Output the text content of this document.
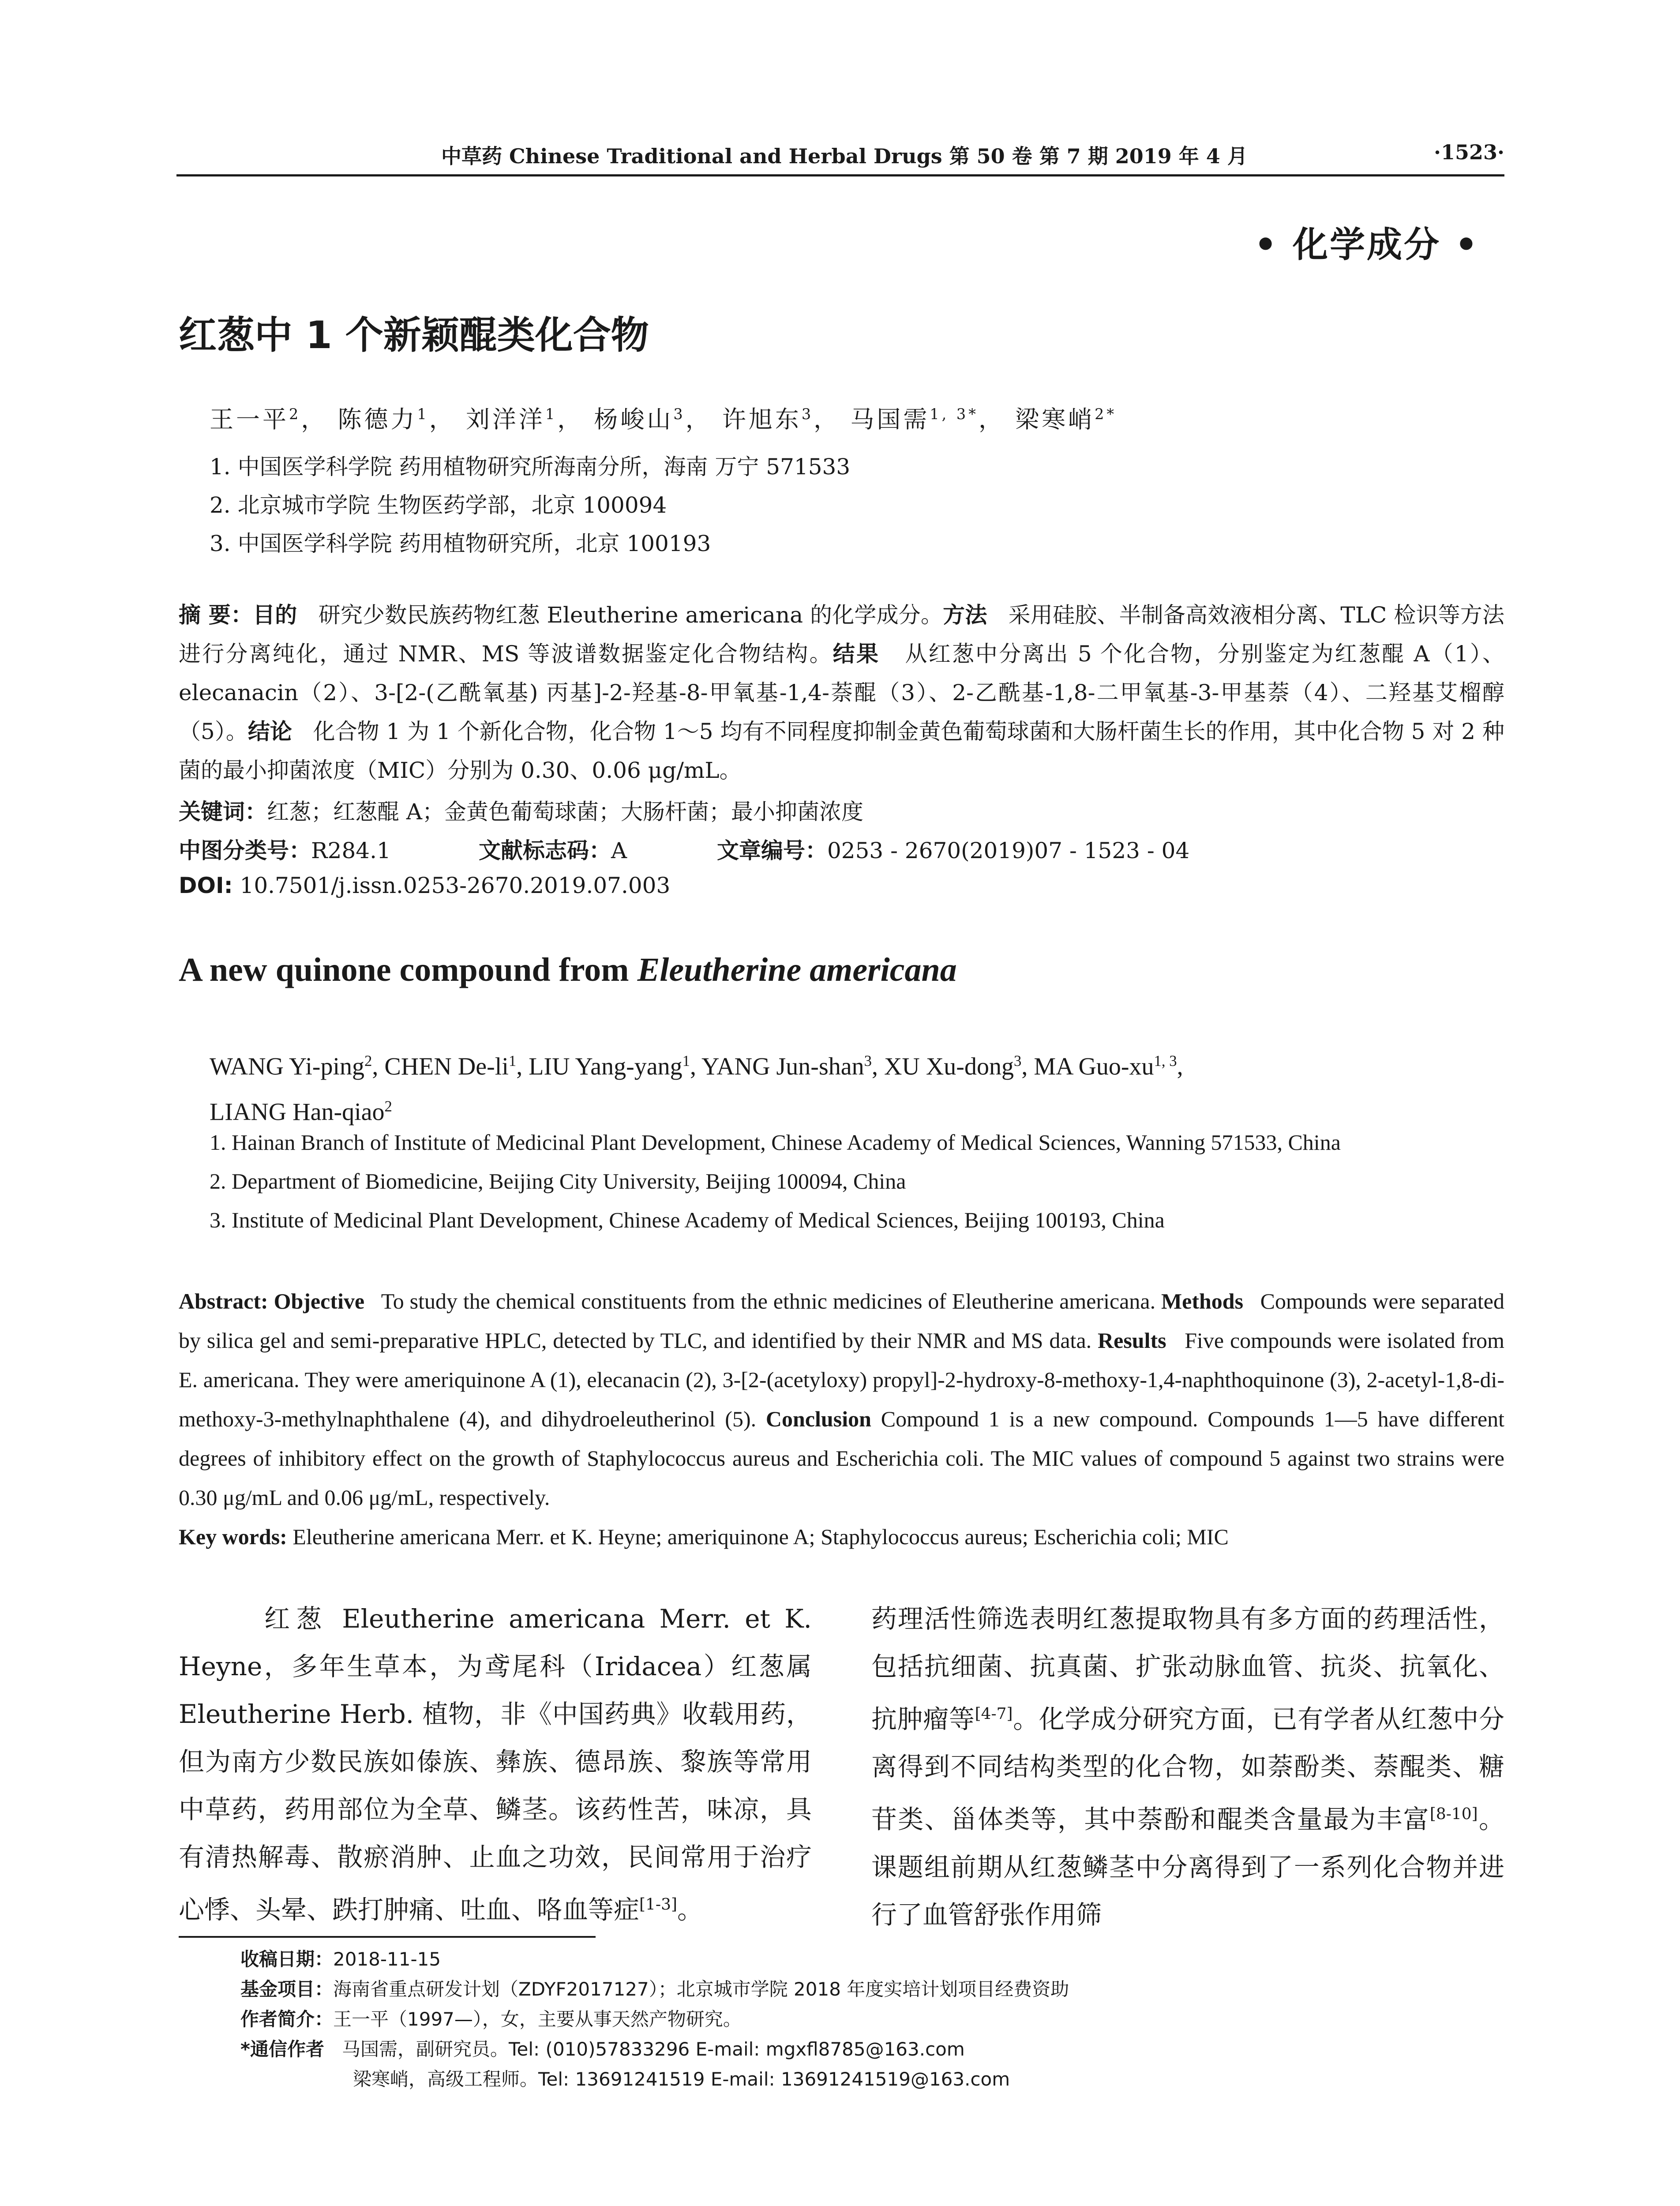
中草药 Chinese Traditional and Herbal Drugs 第 50 卷 第 7 期 2019 年 4 月	·1523·
• 化学成分 •
红葱中 1 个新颖醌类化合物
王一平$^2$， 陈德力$^1$， 刘洋洋$^1$， 杨峻山$^3$， 许旭东$^3$， 马国需$^{1, 3*}$， 梁寒峭$^{2*}$
1. 中国医学科学院 药用植物研究所海南分所，海南 万宁 571533
2. 北京城市学院 生物医药学部，北京 100094
3. 中国医学科学院 药用植物研究所，北京 100193
摘 要：目的 研究少数民族药物红葱 Eleutherine americana 的化学成分。方法 采用硅胶、半制备高效液相分离、TLC 检识等方法进行分离纯化，通过 NMR、MS 等波谱数据鉴定化合物结构。结果 从红葱中分离出 5 个化合物，分别鉴定为红葱醌 A（1）、elecanacin（2）、3-[2-(乙酰氧基) 丙基]-2-羟基-8-甲氧基-1,4-萘醌（3）、2-乙酰基-1,8-二甲氧基-3-甲基萘（4）、二羟基艾榴醇（5）。结论 化合物 1 为 1 个新化合物，化合物 1～5 均有不同程度抑制金黄色葡萄球菌和大肠杆菌生长的作用，其中化合物 5 对 2 种菌的最小抑菌浓度（MIC）分别为 0.30、0.06 μg/mL。
关键词：红葱；红葱醌 A；金黄色葡萄球菌；大肠杆菌；最小抑菌浓度
中图分类号：R284.1	文献标志码：A	文章编号：0253 - 2670(2019)07 - 1523 - 04
DOI: 10.7501/j.issn.0253-2670.2019.07.003
A new quinone compound from Eleutherine americana
WANG Yi-ping$^2$, CHEN $De-li^1$, LIU Yang-yang$^1$, YANG Jun-shan$^3$, XU Xu-dong$^3$, MA Guo-xu$^{1, 3}$,
LIANG Han-qiao$^2$
1. Hainan Branch of Institute of Medicinal Plant Development, Chinese Academy of Medical Sciences, Wanning 571533, China
2. Department of Biomedicine, Beijing City University, Beijing 100094, China
3. Institute of Medicinal Plant Development, Chinese Academy of Medical Sciences, Beijing 100193, China
Abstract: Objective To study the chemical constituents from the ethnic medicines of Eleutherine americana. Methods Compounds were separated by silica gel and semi-preparative HPLC, detected by TLC, and identified by their NMR and MS data. Results Five compounds were isolated from E. americana. They were ameriquinone A (1), elecanacin (2), 3-[2-(acetyloxy) propyl]-2-hydroxy-8-methoxy-1,4-naphthoquinone (3), 2-acetyl-1,8-di-methoxy-3-methylnaphthalene (4), and dihydroeleutherinol (5). Conclusion Compound 1 is a new compound. Compounds 1—5 have different degrees of inhibitory effect on the growth of Staphylococcus aureus and Escherichia coli. The MIC values of compound 5 against two strains were 0.30 μg/mL and 0.06 μg/mL, respectively.
Key words: Eleutherine americana Merr. et K. Heyne; ameriquinone A; Staphylococcus aureus; Escherichia coli; MIC
红葱 Eleutherine americana Merr. et K. Heyne，多年生草本，为鸢尾科（Iridacea）红葱属 Eleutherine Herb. 植物，非《中国药典》收载用药，但为南方少数民族如傣族、彝族、德昂族、黎族等常用中草药，药用部位为全草、鳞茎。该药性苦，味凉，具有清热解毒、散瘀消肿、止血之功效，民间常用于治疗心悸、头晕、跌打肿痛、吐血、咯血等症[1-3]。
药理活性筛选表明红葱提取物具有多方面的药理活性，包括抗细菌、抗真菌、扩张动脉血管、抗炎、抗氧化、抗肿瘤等[4-7]。化学成分研究方面，已有学者从红葱中分离得到不同结构类型的化合物，如萘酚类、萘醌类、糖苷类、甾体类等，其中萘酚和醌类含量最为丰富[8-10]。课题组前期从红葱鳞茎中分离得到了一系列化合物并进行了血管舒张作用筛
收稿日期：2018-11-15
基金项目：海南省重点研发计划（ZDYF2017127）；北京城市学院 2018 年度实培计划项目经费资助
作者简介：王一平（1997—），女，主要从事天然产物研究。
*通信作者 马国需，副研究员。Tel: (010)57833296 E-mail: mgxfl8785@163.com
梁寒峭，高级工程师。Tel: 13691241519 E-mail: 13691241519@163.com
